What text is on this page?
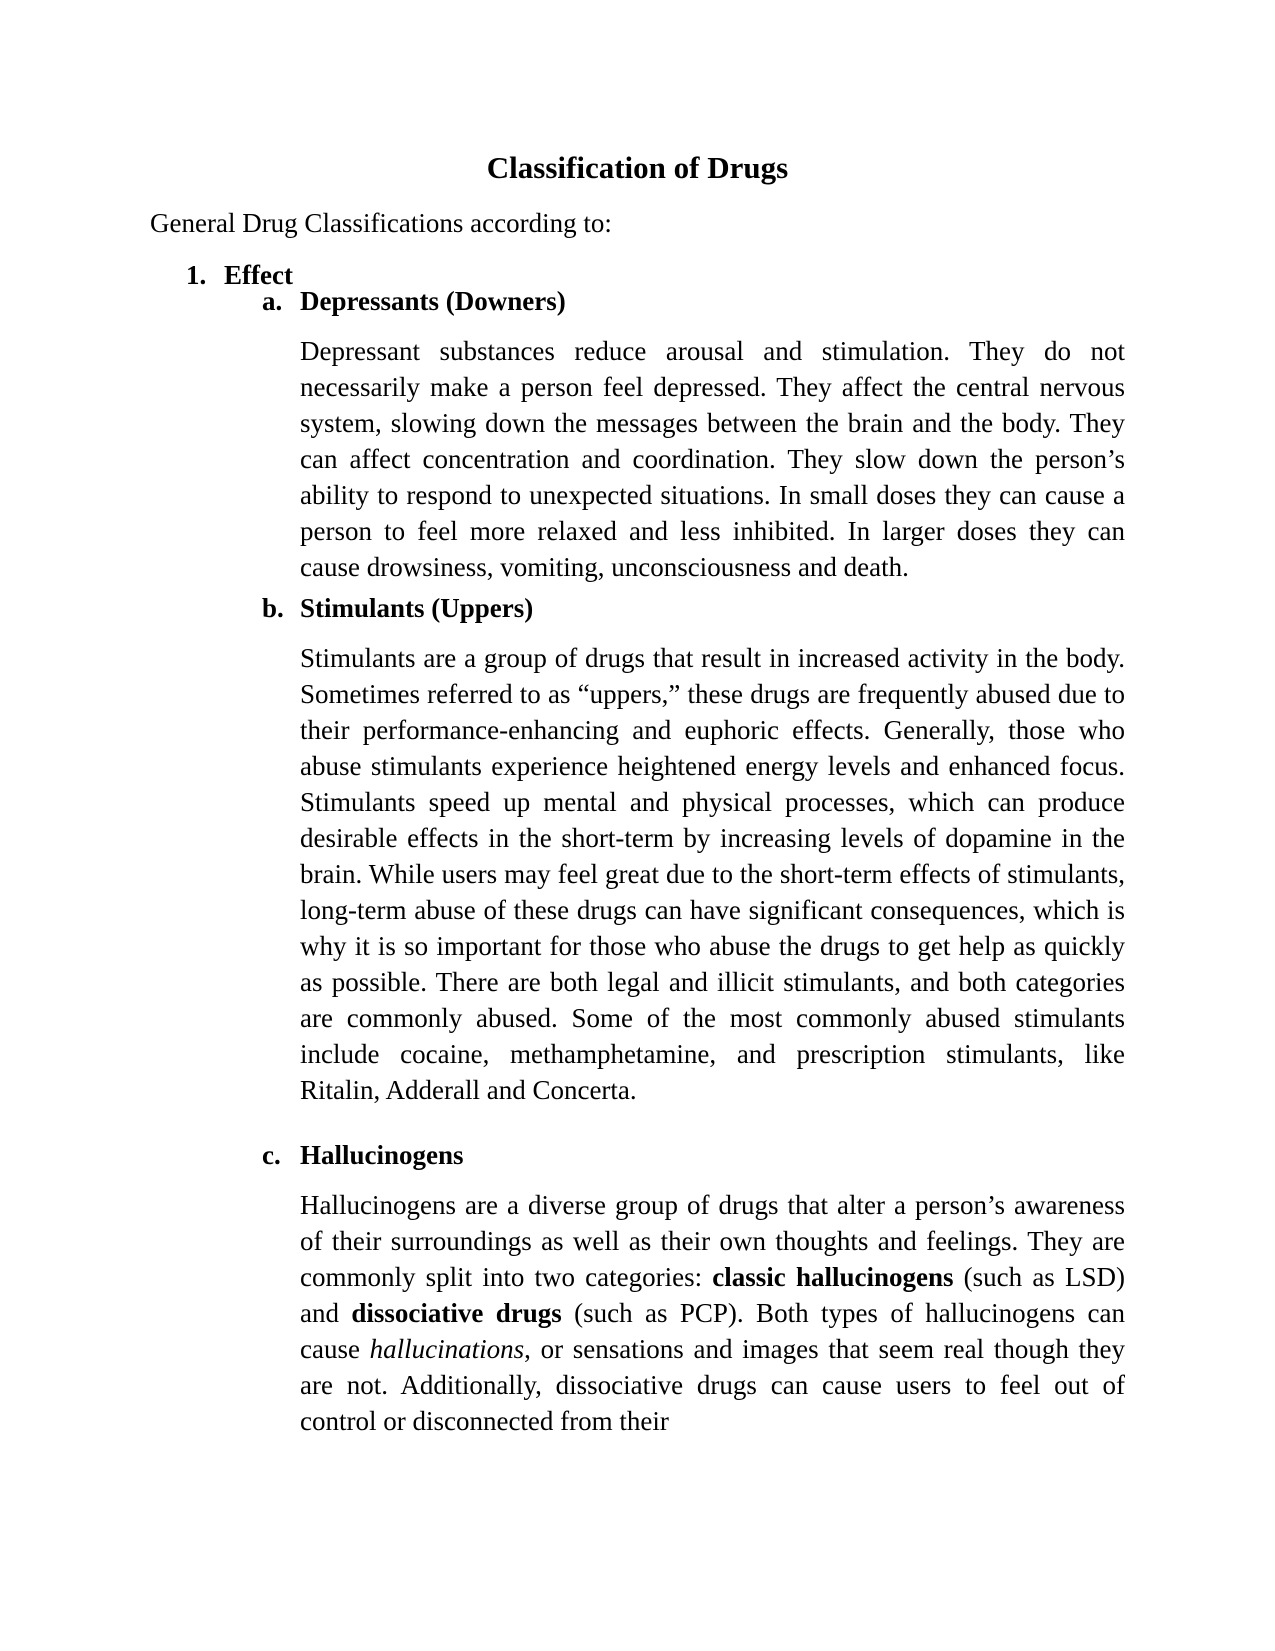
Classification of Drugs

General Drug Classifications according to:

1. Effect

a. Depressants (Downers)

Depressant substances reduce arousal and stimulation. They do not necessarily make a person feel depressed. They affect the central nervous system, slowing down the messages between the brain and the body. They can affect concentration and coordination. They slow down the person’s ability to respond to unexpected situations. In small doses they can cause a person to feel more relaxed and less inhibited. In larger doses they can cause drowsiness, vomiting, unconsciousness and death.

b. Stimulants (Uppers)

Stimulants are a group of drugs that result in increased activity in the body. Sometimes referred to as “uppers,” these drugs are frequently abused due to their performance-enhancing and euphoric effects. Generally, those who abuse stimulants experience heightened energy levels and enhanced focus. Stimulants speed up mental and physical processes, which can produce desirable effects in the short-term by increasing levels of dopamine in the brain. While users may feel great due to the short-term effects of stimulants, long-term abuse of these drugs can have significant consequences, which is why it is so important for those who abuse the drugs to get help as quickly as possible. There are both legal and illicit stimulants, and both categories are commonly abused. Some of the most commonly abused stimulants include cocaine, methamphetamine, and prescription stimulants, like Ritalin, Adderall and Concerta.

c. Hallucinogens

Hallucinogens are a diverse group of drugs that alter a person’s awareness of their surroundings as well as their own thoughts and feelings. They are commonly split into two categories: classic hallucinogens (such as LSD) and dissociative drugs (such as PCP). Both types of hallucinogens can cause hallucinations, or sensations and images that seem real though they are not. Additionally, dissociative drugs can cause users to feel out of control or disconnected from their
